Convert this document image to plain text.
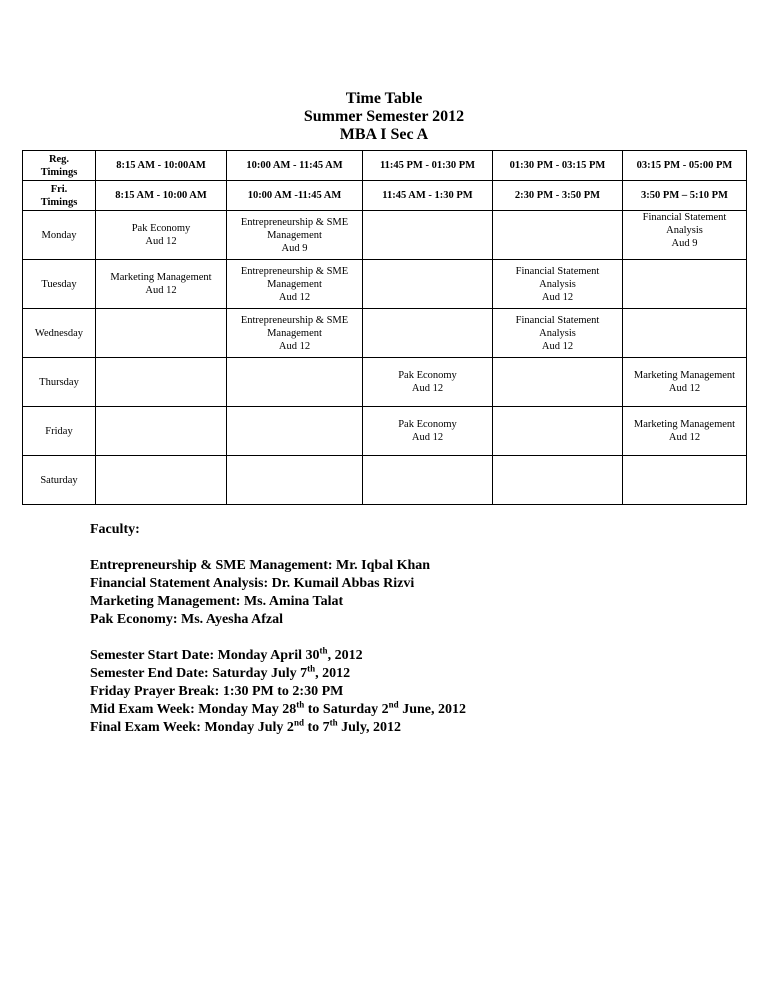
Time Table
Summer Semester 2012
MBA I Sec A
Reg.
Timings	8:15 AM - 10:00AM	10:00 AM - 11:45 AM	11:45 PM - 01:30 PM	01:30 PM - 03:15 PM	03:15 PM - 05:00 PM

Fri.
Timings	8:15 AM - 10:00 AM	10:00 AM -11:45 AM	11:45 AM - 1:30 PM	2:30 PM - 3:50 PM	3:50 PM – 5:10 PM
Monday	Pak Economy
Aud 12	Entrepreneurship & SME
Management
Aud 9			Financial Statement
Analysis
Aud 9

Tuesday	Marketing Management
Aud 12	Entrepreneurship & SME
Management
Aud 12		Financial Statement
Analysis
Aud 12	

Wednesday		Entrepreneurship & SME
Management
Aud 12		Financial Statement
Analysis
Aud 12	

Thursday			Pak Economy
Aud 12		Marketing Management
Aud 12

Friday			Pak Economy
Aud 12		Marketing Management
Aud 12

Saturday					

Faculty:

Entrepreneurship & SME Management: Mr. Iqbal Khan

Financial Statement Analysis: Dr. Kumail Abbas Rizvi

Marketing Management: Ms. Amina Talat

Pak Economy: Ms. Ayesha Afzal

Semester Start Date: Monday April 30th, 2012

Semester End Date: Saturday July 7th, 2012

Friday Prayer Break: 1:30 PM to 2:30 PM

Mid Exam Week: Monday May 28th to Saturday 2nd June, 2012

Final Exam Week: Monday July 2nd to 7th July, 2012
